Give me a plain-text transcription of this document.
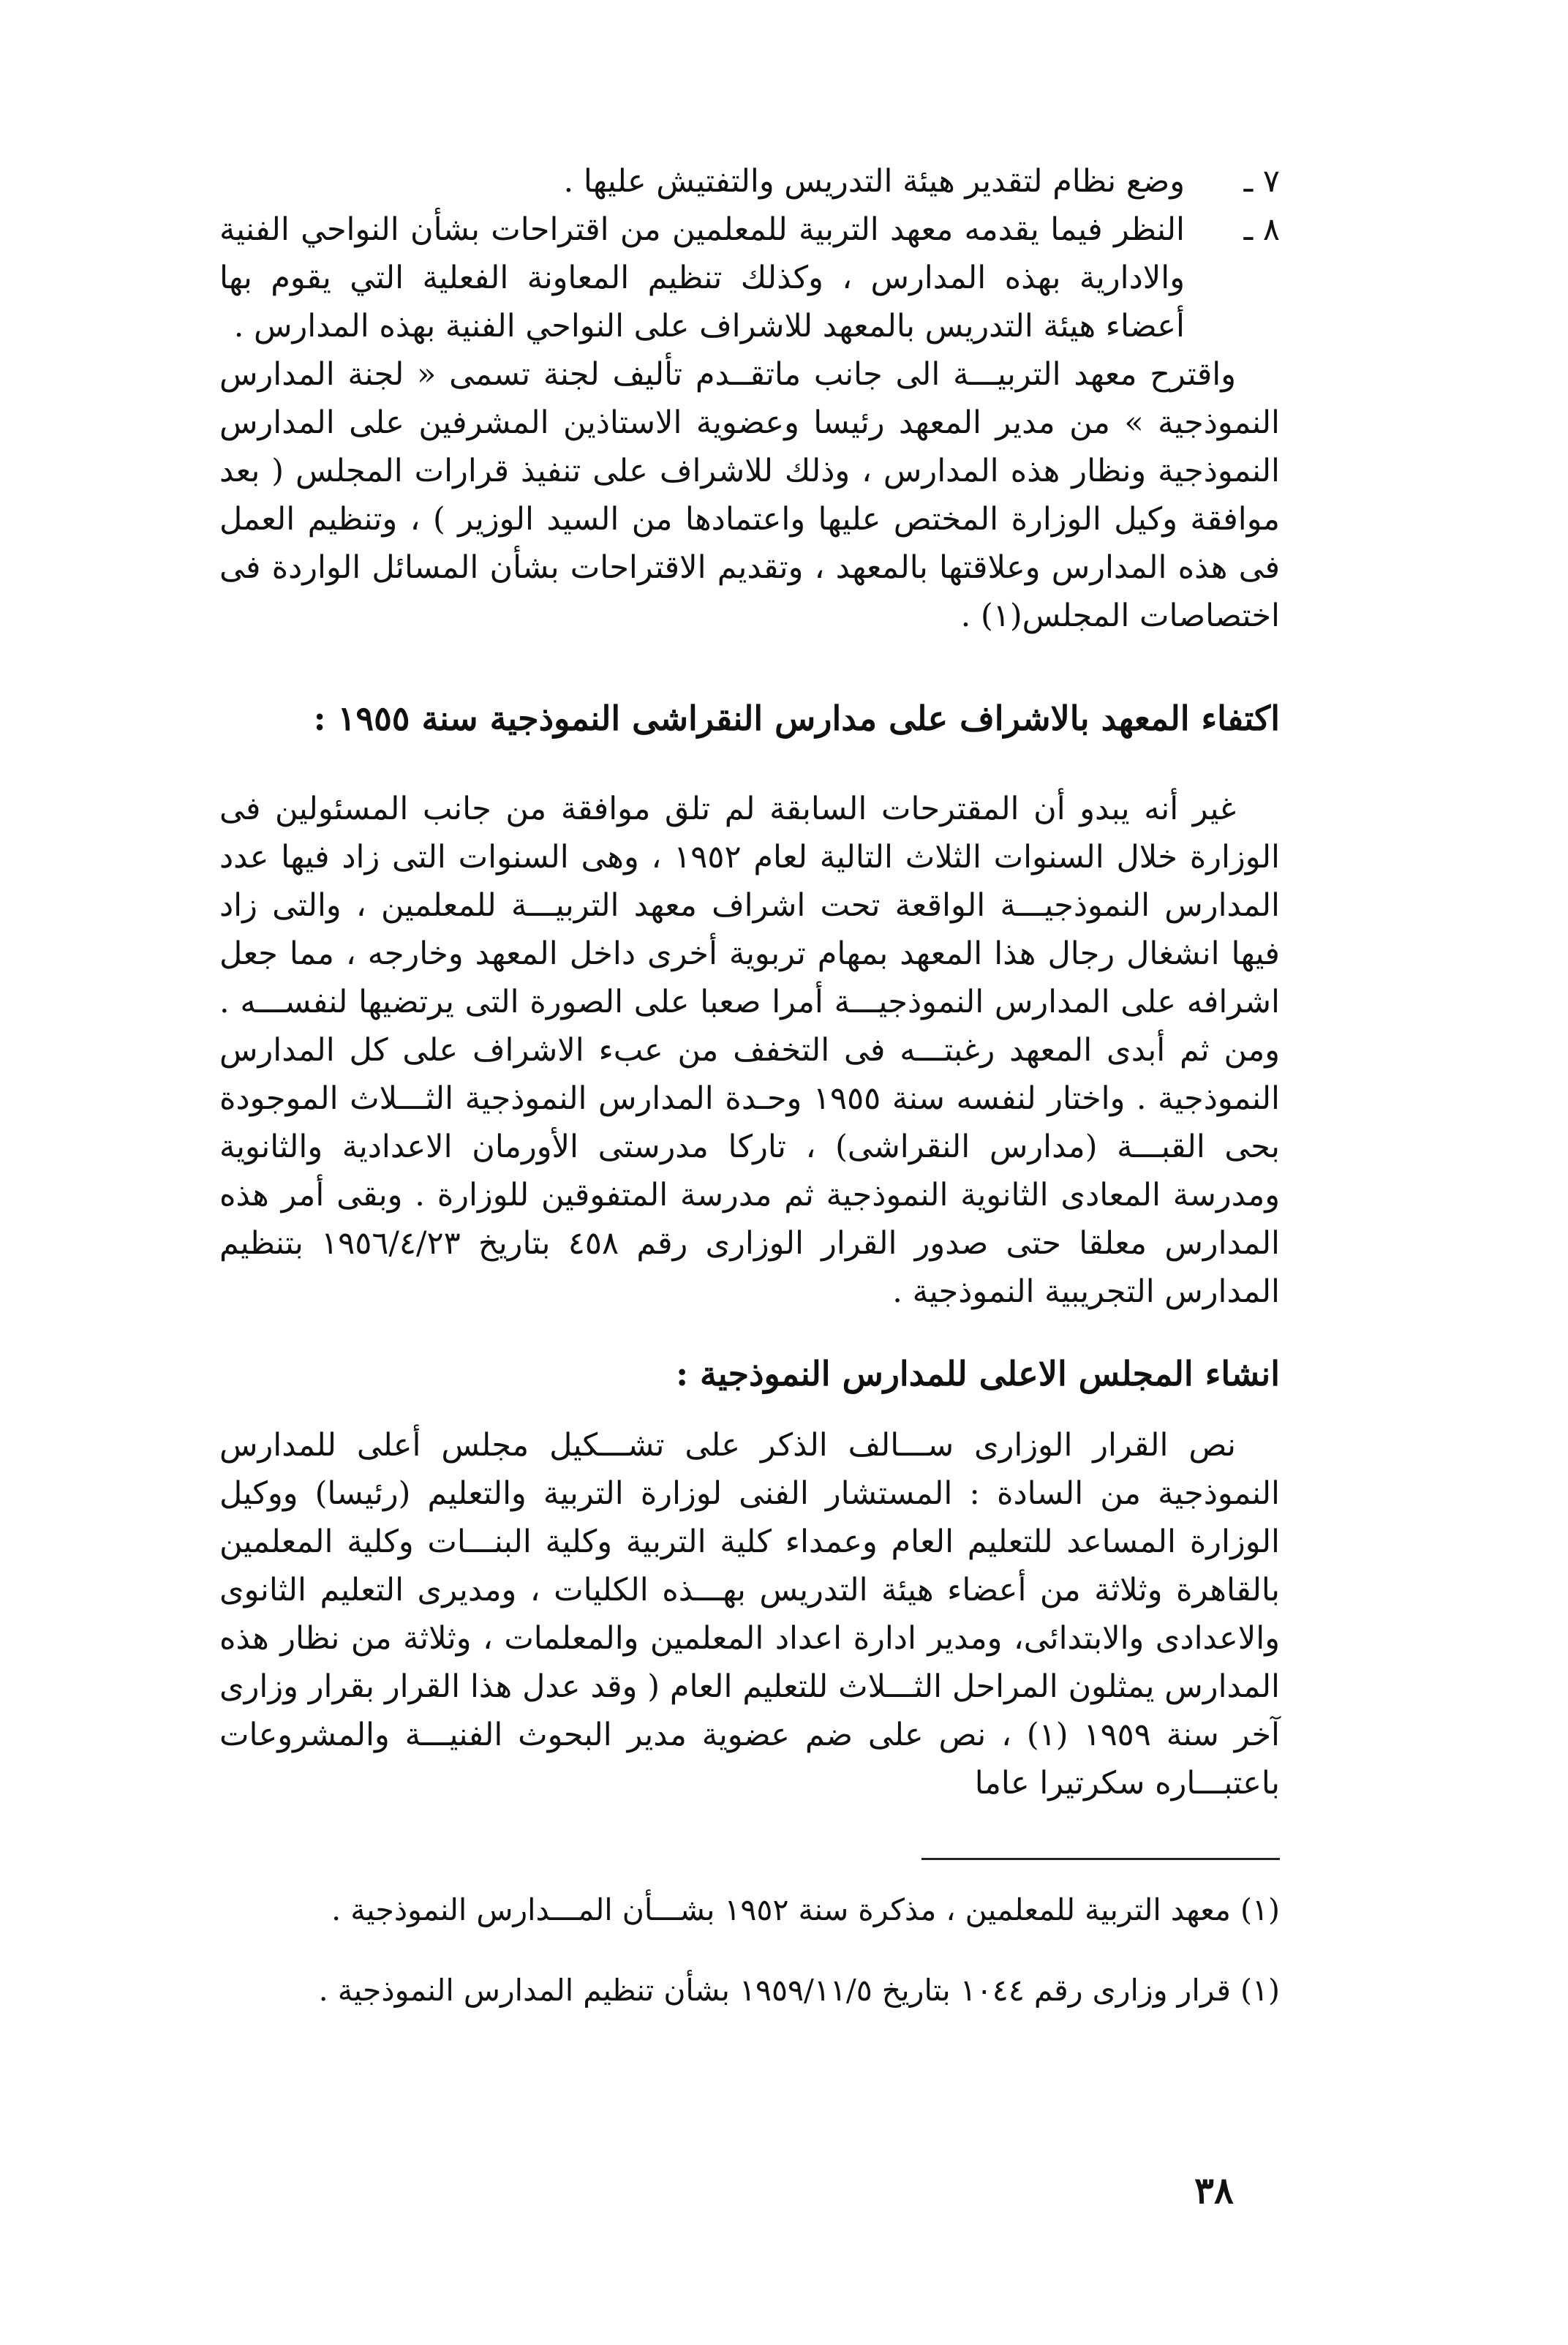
٧ ـ
وضع نظام لتقدير هيئة التدريس والتفتيش عليها .
٨ ـ
النظر فيما يقدمه معهد التربية للمعلمين من اقتراحات بشأن النواحي الفنية والادارية بهذه المدارس ، وكذلك تنظيم المعاونة الفعلية التي يقوم بها أعضاء هيئة التدريس بالمعهد للاشراف على النواحي الفنية بهذه المدارس .

واقترح معهد التربيـــة الى جانب ماتقــدم تأليف لجنة تسمى « لجنة المدارس النموذجية » من مدير المعهد رئيسا وعضوية الاستاذين المشرفين على المدارس النموذجية ونظار هذه المدارس ، وذلك للاشراف على تنفيذ قرارات المجلس ( بعد موافقة وكيل الوزارة المختص عليها واعتمادها من السيد الوزير ) ، وتنظيم العمل فى هذه المدارس وعلاقتها بالمعهد ، وتقديم الاقتراحات بشأن المسائل الواردة فى اختصاصات المجلس(١) .

اكتفاء المعهد بالاشراف على مدارس النقراشى النموذجية سنة ١٩٥٥ :

غير أنه يبدو أن المقترحات السابقة لم تلق موافقة من جانب المسئولين فى الوزارة خلال السنوات الثلاث التالية لعام ١٩٥٢ ، وهى السنوات التى زاد فيها عدد المدارس النموذجيـــة الواقعة تحت اشراف معهد التربيـــة للمعلمين ، والتى زاد فيها انشغال رجال هذا المعهد بمهام تربوية أخرى داخل المعهد وخارجه ، مما جعل اشرافه على المدارس النموذجيـــة أمرا صعبا على الصورة التى يرتضيها لنفســـه . ومن ثم أبدى المعهد رغبتـــه فى التخفف من عبء الاشراف على كل المدارس النموذجية . واختار لنفسه سنة ١٩٥٥ وحـدة المدارس النموذجية الثـــلاث الموجودة بحى القبـــة (مدارس النقراشى) ، تاركا مدرستى الأورمان الاعدادية والثانوية ومدرسة المعادى الثانوية النموذجية ثم مدرسة المتفوقين للوزارة . وبقى أمر هذه المدارس معلقا حتى صدور القرار الوزارى رقم ٤٥٨ بتاريخ ١٩٥٦/٤/٢٣ بتنظيم المدارس التجريبية النموذجية .

انشاء المجلس الاعلى للمدارس النموذجية :

نص القرار الوزارى ســـالف الذكر على تشـــكيل مجلس أعلى للمدارس النموذجية من السادة : المستشار الفنى لوزارة التربية والتعليم (رئيسا) ووكيل الوزارة المساعد للتعليم العام وعمداء كلية التربية وكلية البنـــات وكلية المعلمين بالقاهرة وثلاثة من أعضاء هيئة التدريس بهـــذه الكليات ، ومديرى التعليم الثانوى والاعدادى والابتدائى، ومدير ادارة اعداد المعلمين والمعلمات ، وثلاثة من نظار هذه المدارس يمثلون المراحل الثـــلاث للتعليم العام ( وقد عدل هذا القرار بقرار وزارى آخر سنة ١٩٥٩ (١) ، نص على ضم عضوية مدير البحوث الفنيـــة والمشروعات باعتبـــاره سكرتيرا عاما

(١) معهد التربية للمعلمين ، مذكرة سنة ١٩٥٢ بشـــأن المـــدارس النموذجية .

(١) قرار وزارى رقم ١٠٤٤ بتاريخ ١٩٥٩/١١/٥ بشأن تنظيم المدارس النموذجية .

٣٨
